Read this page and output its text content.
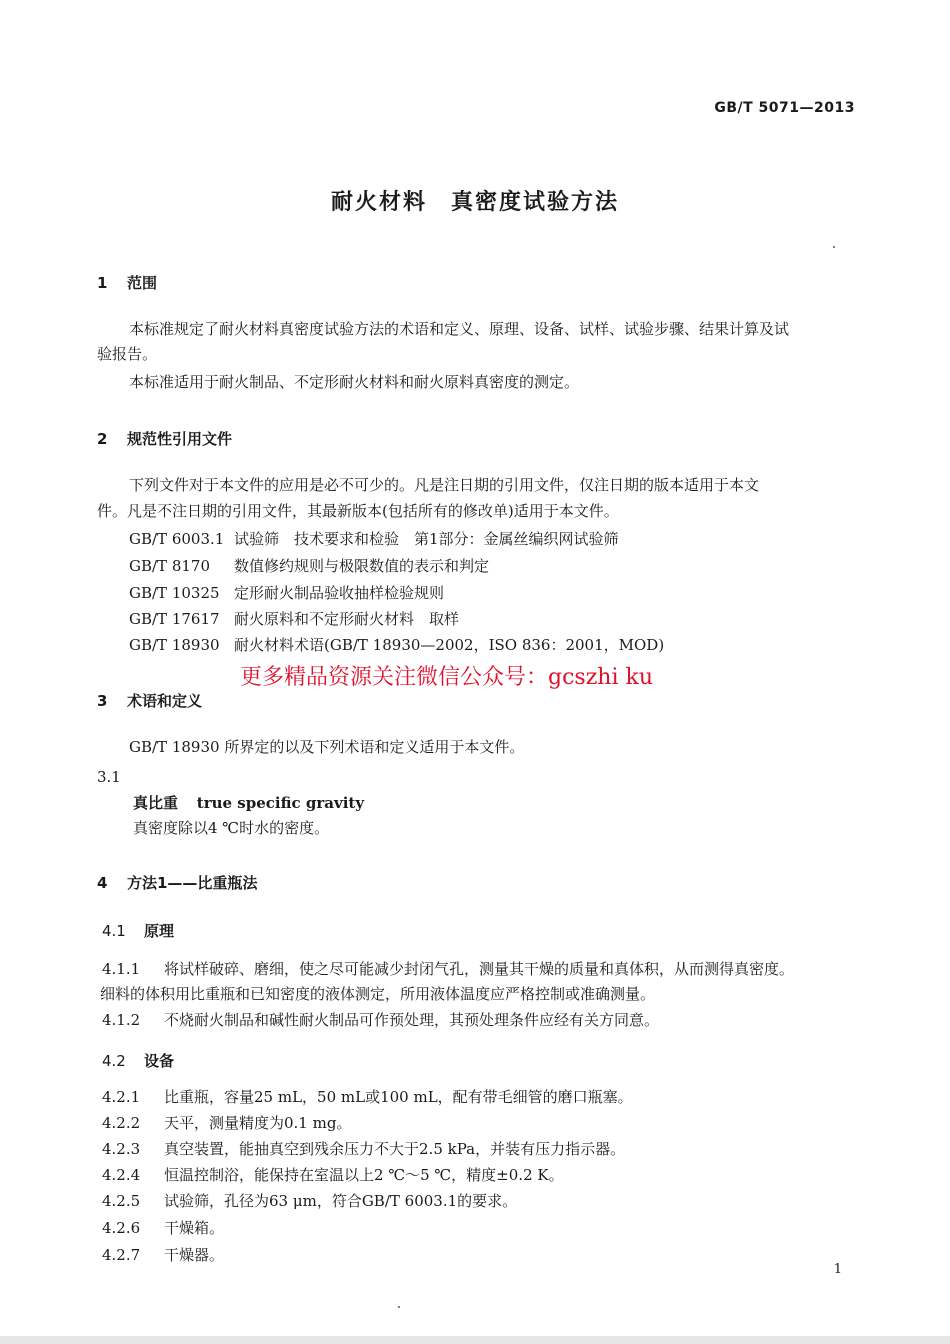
GB/T 5071—2013
耐火材料　真密度试验方法
1 范围
本标准规定了耐火材料真密度试验方法的术语和定义、原理、设备、试样、试验步骤、结果计算及试
验报告。
本标准适用于耐火制品、不定形耐火材料和耐火原料真密度的测定。
2 规范性引用文件
下列文件对于本文件的应用是必不可少的。凡是注日期的引用文件，仅注日期的版本适用于本文
件。凡是不注日期的引用文件，其最新版本(包括所有的修改单)适用于本文件。
GB/T 6003.1 试验筛　技术要求和检验　第1部分：金属丝编织网试验筛
GB/T 8170 数值修约规则与极限数值的表示和判定
GB/T 10325 定形耐火制品验收抽样检验规则
GB/T 17617 耐火原料和不定形耐火材料　取样
GB/T 18930 耐火材料术语(GB/T 18930—2002，ISO 836：2001，MOD)
更多精品资源关注微信公众号：gcszhi ku
3 术语和定义
GB/T 18930 所界定的以及下列术语和定义适用于本文件。
3.1
真比重 true specific gravity
真密度除以4 ℃时水的密度。
4 方法1——比重瓶法
4.1 原理
4.1.1 将试样破碎、磨细，使之尽可能减少封闭气孔，测量其干燥的质量和真体积，从而测得真密度。
细料的体积用比重瓶和已知密度的液体测定，所用液体温度应严格控制或准确测量。
4.1.2 不烧耐火制品和碱性耐火制品可作预处理，其预处理条件应经有关方同意。
4.2 设备
4.2.1 比重瓶，容量25 mL，50 mL或100 mL，配有带毛细管的磨口瓶塞。
4.2.2 天平，测量精度为0.1 mg。
4.2.3 真空装置，能抽真空到残余压力不大于2.5 kPa，并装有压力指示器。
4.2.4 恒温控制浴，能保持在室温以上2 ℃～5 ℃，精度±0.2 K。
4.2.5 试验筛，孔径为63 μm，符合GB/T 6003.1的要求。
4.2.6 干燥箱。
4.2.7 干燥器。
1
